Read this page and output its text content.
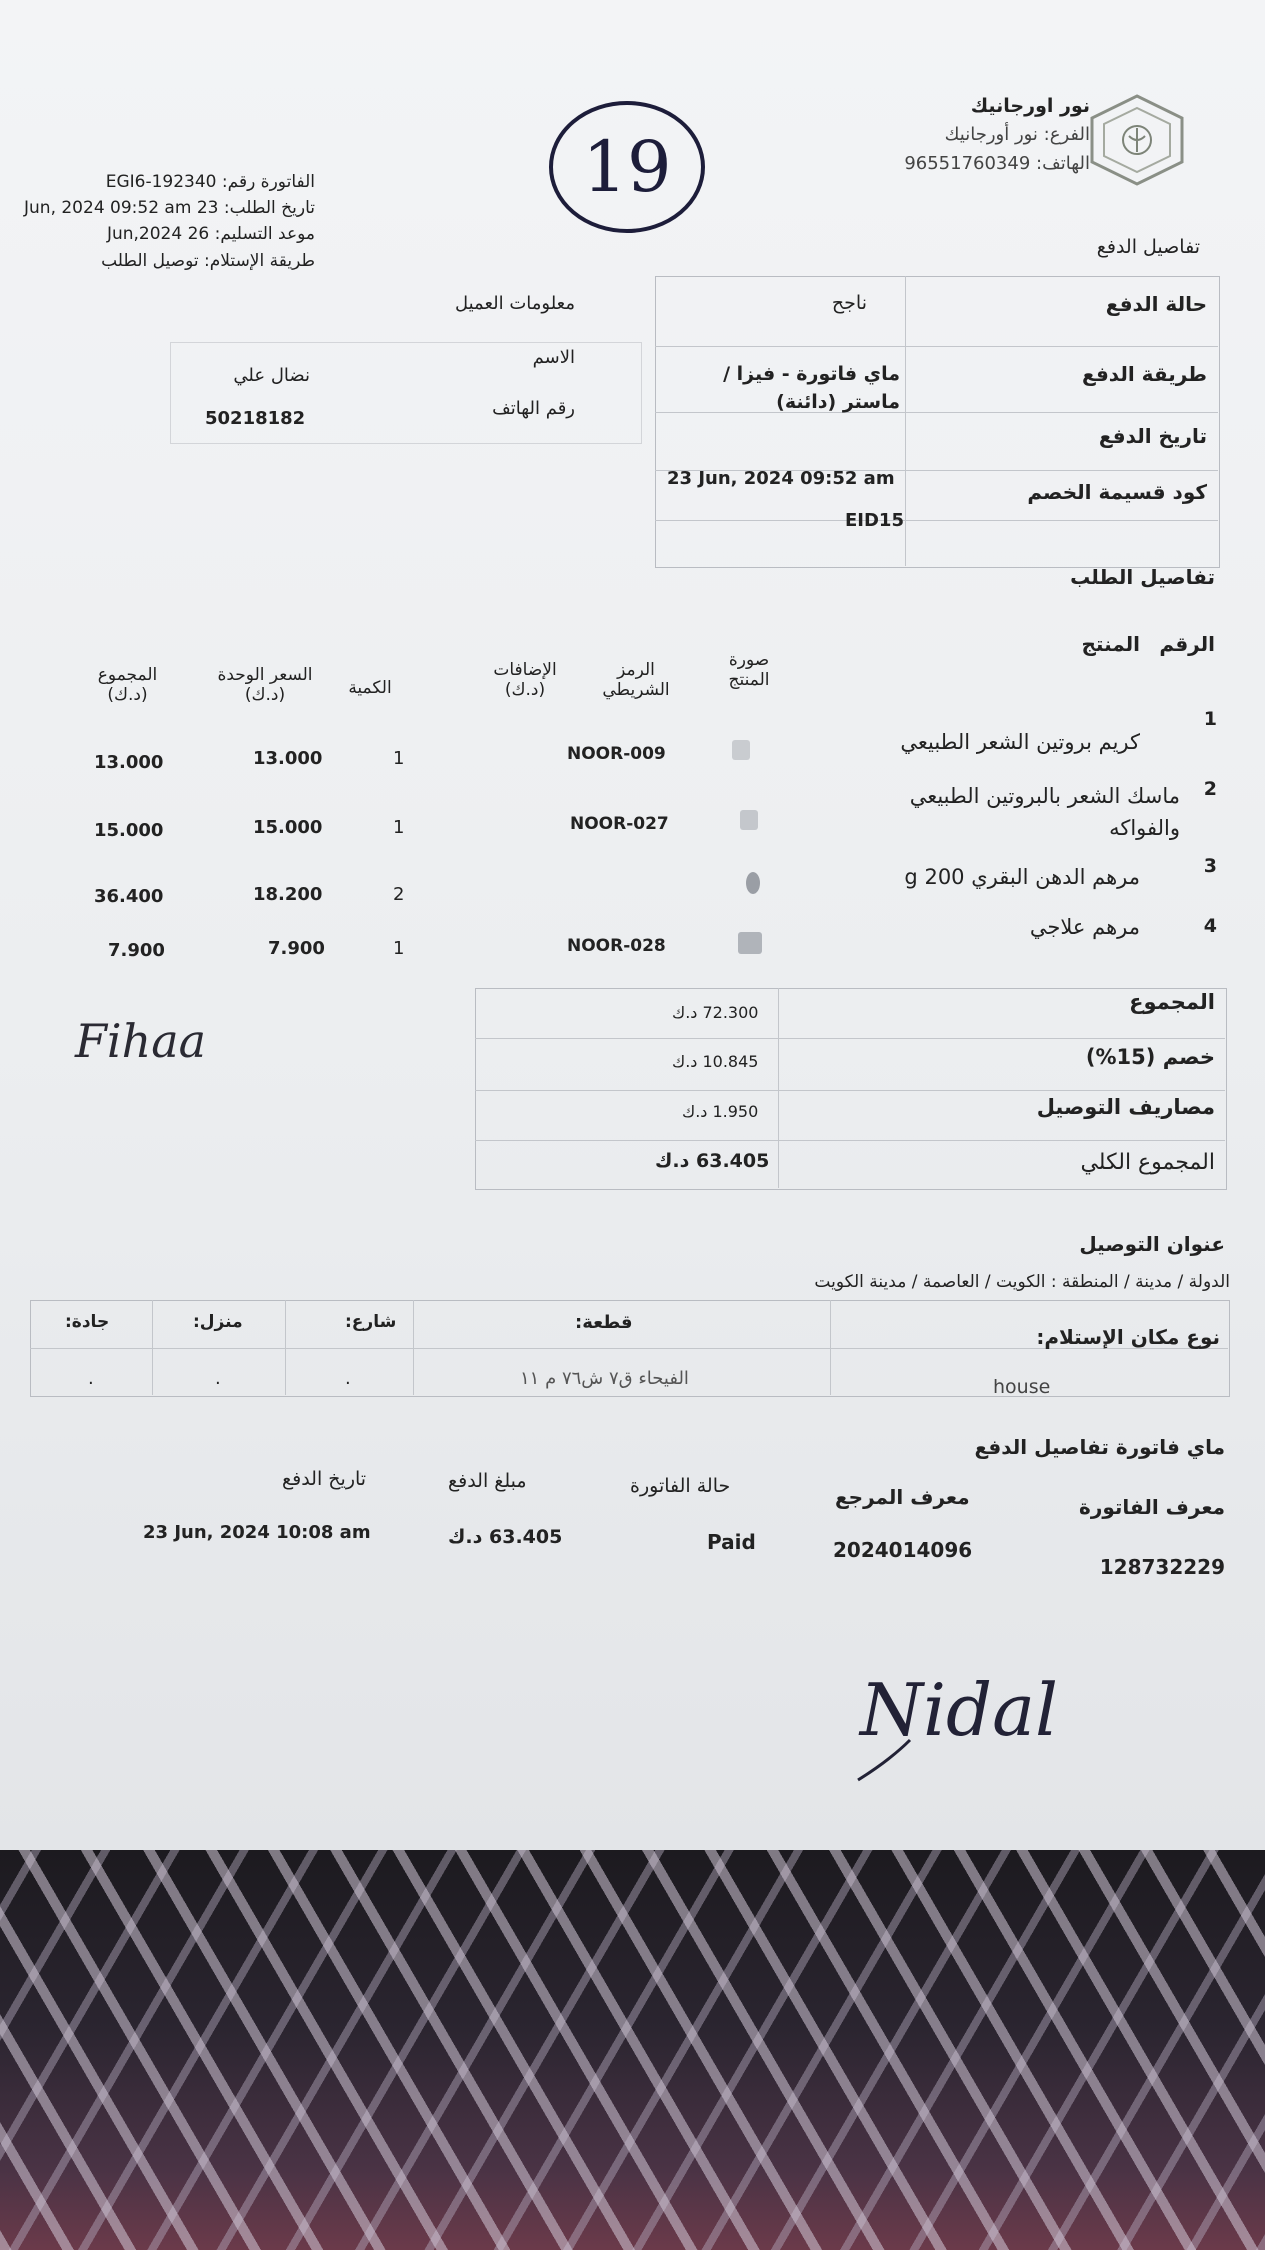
نور اورجانيك
الفرع: نور أورجانيك
الهاتف: 96551760349
19
الفاتورة رقم: EGI6-192340
تاريخ الطلب: 23 Jun, 2024 09:52 am
موعد التسليم: 26 Jun,2024
طريقة الإستلام: توصيل الطلب
تفاصيل الدفع
حالة الدفع
ناجح
طريقة الدفع
ماي فاتورة - فيزا / ماستر (دائنة)
تاريخ الدفع
23 Jun, 2024 09:52 am
كود قسيمة الخصم
EID15
معلومات العميل
الاسم
نضال علي
رقم الهاتف
50218182
تفاصيل الطلب
الرقم
المنتج
صورة المنتج
الرمز الشريطي
الإضافات (د.ك)
الكمية
السعر الوحدة (د.ك)
المجموع (د.ك)
1
كريم بروتين الشعر الطبيعي
NOOR-009
1
13.000
13.000
2
ماسك الشعر بالبروتين الطبيعي والفواكه
NOOR-027
1
15.000
15.000
3
مرهم الدهن البقري 200 g
2
18.200
36.400
4
مرهم علاجي
NOOR-028
1
7.900
7.900
Fihaa
المجموع
72.300 د.ك
خصم (15%)
10.845 د.ك
مصاريف التوصيل
1.950 د.ك
المجموع الكلي
63.405 د.ك
عنوان التوصيل
الدولة / مدينة / المنطقة : الكويت / العاصمة / مدينة الكويت
نوع مكان الإستلام:
قطعة:
شارع:
منزل:
جادة:
house
الفيحاء ق٧ ش٧٦ م ١١
.
.
.
ماي فاتورة تفاصيل الدفع
معرف الفاتورة
معرف المرجع
حالة الفاتورة
مبلغ الدفع
تاريخ الدفع
128732229
2024014096
Paid
63.405 د.ك
23 Jun, 2024 10:08 am
Nidal
